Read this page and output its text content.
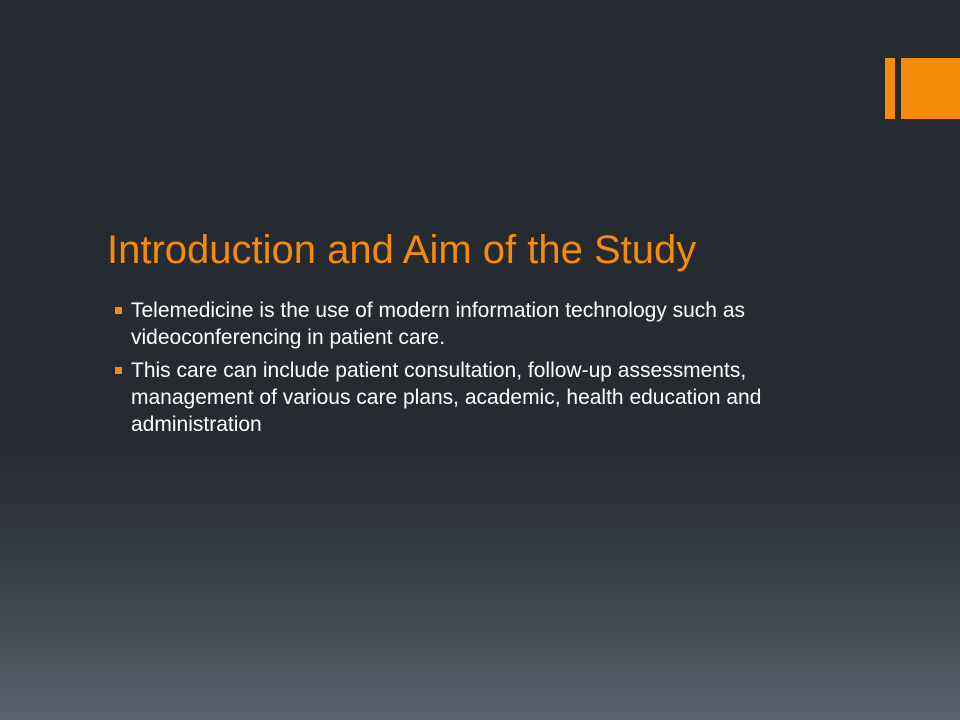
Introduction and Aim of the Study
Telemedicine is the use of modern information technology such as videoconferencing in patient care.
This care can include patient consultation, follow-up assessments, management of various care plans, academic, health education and administration
